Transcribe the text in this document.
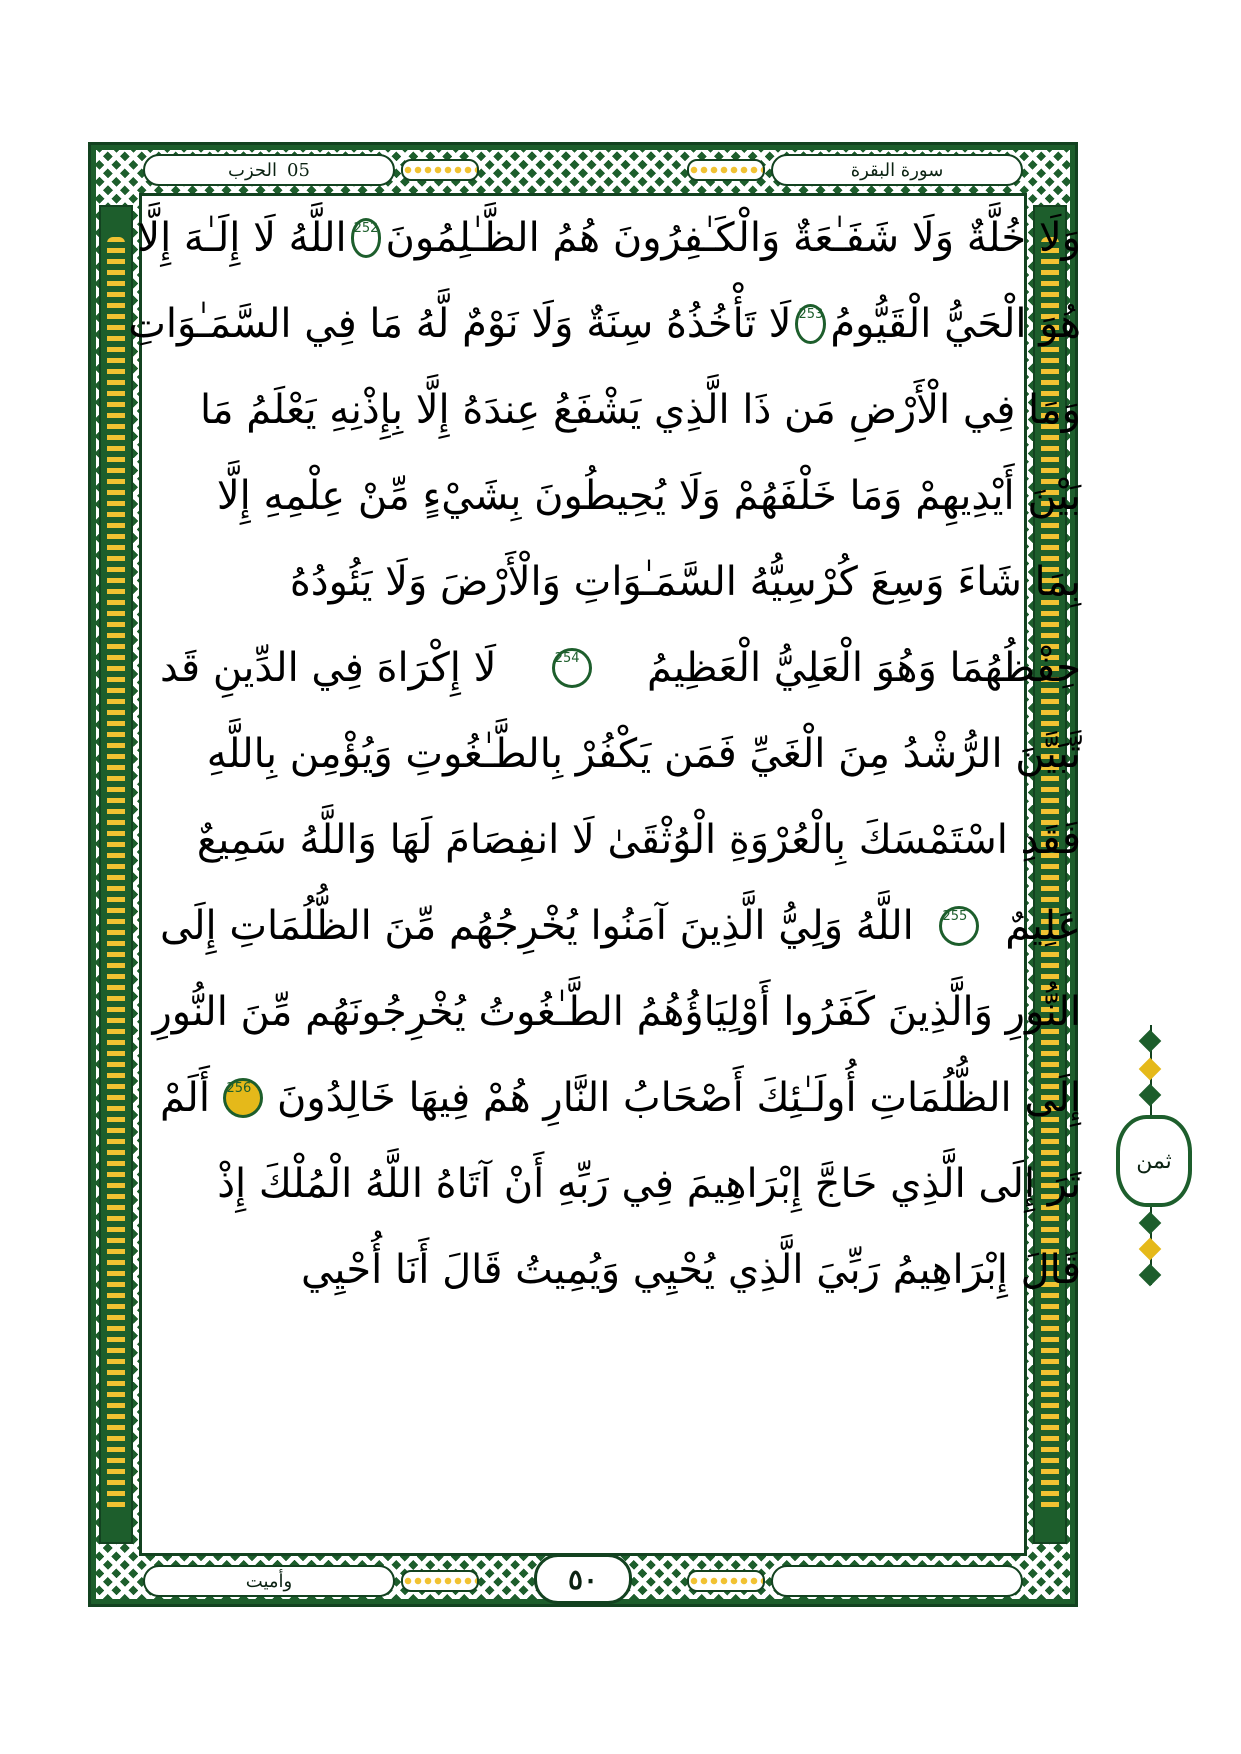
سورة البقرة
الحزب 05
وأميت	٥٠
وَلَا خُلَّةٌ وَلَا شَفَـٰعَةٌ وَالْكَـٰفِرُونَ هُمُ الظَّـٰلِمُونَ
252
اللَّهُ لَا إِلَـٰهَ إِلَّا
هُوَ الْحَيُّ الْقَيُّومُ
253
لَا تَأْخُذُهُ سِنَةٌ وَلَا نَوْمٌ لَّهُ مَا فِي السَّمَـٰوَاتِ
وَمَا فِي الْأَرْضِ مَن ذَا الَّذِي يَشْفَعُ عِندَهُ إِلَّا بِإِذْنِهِ يَعْلَمُ مَا
بَيْنَ أَيْدِيهِمْ وَمَا خَلْفَهُمْ وَلَا يُحِيطُونَ بِشَيْءٍ مِّنْ عِلْمِهِ إِلَّا
بِمَا شَاءَ وَسِعَ كُرْسِيُّهُ السَّمَـٰوَاتِ وَالْأَرْضَ وَلَا يَئُودُهُ
حِفْظُهُمَا وَهُوَ الْعَلِيُّ الْعَظِيمُ
254
لَا إِكْرَاهَ فِي الدِّينِ قَد
تَّبَيَّنَ الرُّشْدُ مِنَ الْغَيِّ فَمَن يَكْفُرْ بِالطَّـٰغُوتِ وَيُؤْمِن بِاللَّهِ
فَقَدِ اسْتَمْسَكَ بِالْعُرْوَةِ الْوُثْقَىٰ لَا انفِصَامَ لَهَا وَاللَّهُ سَمِيعٌ
عَلِيمٌ
255
اللَّهُ وَلِيُّ الَّذِينَ آمَنُوا يُخْرِجُهُم مِّنَ الظُّلُمَاتِ إِلَى
النُّورِ وَالَّذِينَ كَفَرُوا أَوْلِيَاؤُهُمُ الطَّـٰغُوتُ يُخْرِجُونَهُم مِّنَ النُّورِ
إِلَى الظُّلُمَاتِ أُولَـٰئِكَ أَصْحَابُ النَّارِ هُمْ فِيهَا خَالِدُونَ
256
أَلَمْ
تَرَ إِلَى الَّذِي حَاجَّ إِبْرَاهِيمَ فِي رَبِّهِ أَنْ آتَاهُ اللَّهُ الْمُلْكَ إِذْ
قَالَ إِبْرَاهِيمُ رَبِّيَ الَّذِي يُحْيِي وَيُمِيتُ قَالَ أَنَا أُحْيِي
ثمن
